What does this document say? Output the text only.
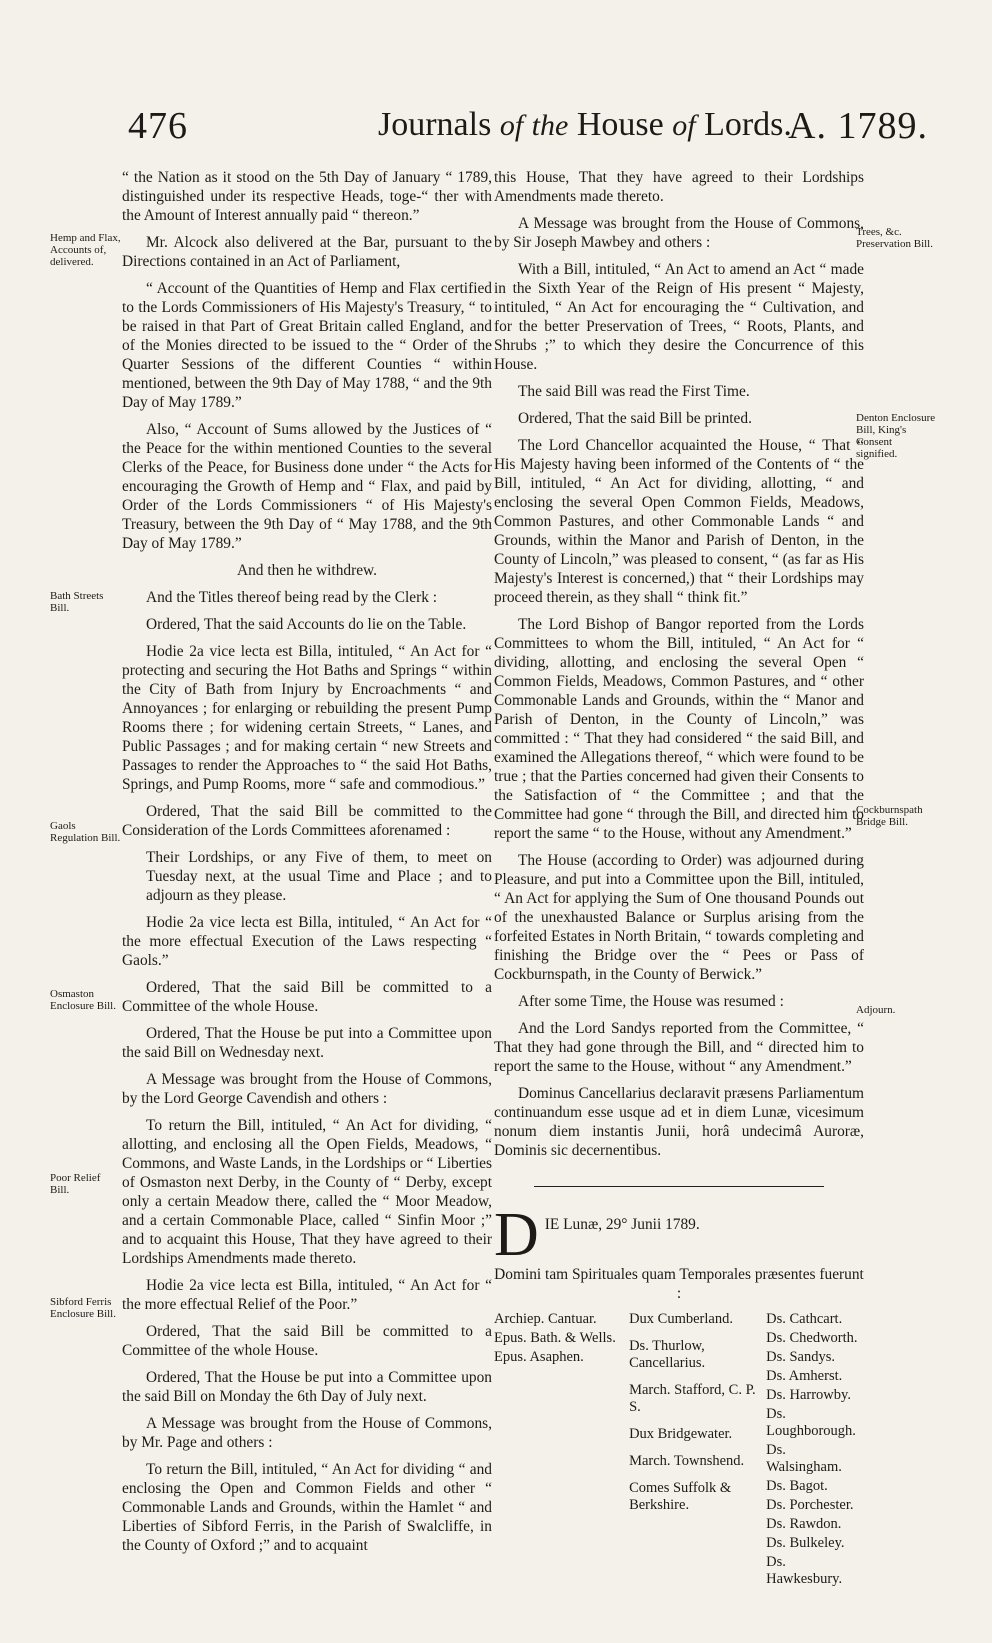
476	Journals of the House of Lords.
A. 1789.
Hemp and Flax, Accounts of, delivered.
Bath Streets Bill.
Gaols Regulation Bill.
Osmaston Enclosure Bill.
Poor Relief Bill.
Sibford Ferris Enclosure Bill.
Trees, &c. Preservation Bill.
Denton Enclosure Bill, King's Consent signified.
Cockburnspath Bridge Bill.
Adjourn.

“ the Nation as it stood on the 5th Day of January “ 1789, distinguished under its respective Heads, toge-“ ther with the Amount of Interest annually paid “ thereon.”

Mr. Alcock also delivered at the Bar, pursuant to the Directions contained in an Act of Parliament,

“ Account of the Quantities of Hemp and Flax certified to the Lords Commissioners of His Majesty's Treasury, “ to be raised in that Part of Great Britain called England, and of the Monies directed to be issued to the “ Order of the Quarter Sessions of the different Counties “ within mentioned, between the 9th Day of May 1788, “ and the 9th Day of May 1789.”

Also, “ Account of Sums allowed by the Justices of “ the Peace for the within mentioned Counties to the several Clerks of the Peace, for Business done under “ the Acts for encouraging the Growth of Hemp and “ Flax, and paid by Order of the Lords Commissioners “ of His Majesty's Treasury, between the 9th Day of “ May 1788, and the 9th Day of May 1789.”

And then he withdrew.

And the Titles thereof being read by the Clerk :

Ordered, That the said Accounts do lie on the Table.

Hodie 2a vice lecta est Billa, intituled, “ An Act for “ protecting and securing the Hot Baths and Springs “ within the City of Bath from Injury by Encroachments “ and Annoyances ; for enlarging or rebuilding the present Pump Rooms there ; for widening certain Streets, “ Lanes, and Public Passages ; and for making certain “ new Streets and Passages to render the Approaches to “ the said Hot Baths, Springs, and Pump Rooms, more “ safe and commodious.”

Ordered, That the said Bill be committed to the Consideration of the Lords Committees aforenamed :

Their Lordships, or any Five of them, to meet on Tuesday next, at the usual Time and Place ; and to adjourn as they please.

Hodie 2a vice lecta est Billa, intituled, “ An Act for “ the more effectual Execution of the Laws respecting “ Gaols.”

Ordered, That the said Bill be committed to a Committee of the whole House.

Ordered, That the House be put into a Committee upon the said Bill on Wednesday next.

A Message was brought from the House of Commons, by the Lord George Cavendish and others :

To return the Bill, intituled, “ An Act for dividing, “ allotting, and enclosing all the Open Fields, Meadows, “ Commons, and Waste Lands, in the Lordships or “ Liberties of Osmaston next Derby, in the County of “ Derby, except only a certain Meadow there, called the “ Moor Meadow, and a certain Commonable Place, called “ Sinfin Moor ;” and to acquaint this House, That they have agreed to their Lordships Amendments made thereto.

Hodie 2a vice lecta est Billa, intituled, “ An Act for “ the more effectual Relief of the Poor.”

Ordered, That the said Bill be committed to a Committee of the whole House.

Ordered, That the House be put into a Committee upon the said Bill on Monday the 6th Day of July next.

A Message was brought from the House of Commons, by Mr. Page and others :

To return the Bill, intituled, “ An Act for dividing “ and enclosing the Open and Common Fields and other “ Commonable Lands and Grounds, within the Hamlet “ and Liberties of Sibford Ferris, in the Parish of Swalcliffe, in the County of Oxford ;” and to acquaint

this House, That they have agreed to their Lordships Amendments made thereto.

A Message was brought from the House of Commons, by Sir Joseph Mawbey and others :

With a Bill, intituled, “ An Act to amend an Act “ made in the Sixth Year of the Reign of His present “ Majesty, intituled, “ An Act for encouraging the “ Cultivation, and for the better Preservation of Trees, “ Roots, Plants, and Shrubs ;” to which they desire the Concurrence of this House.

The said Bill was read the First Time.

Ordered, That the said Bill be printed.

The Lord Chancellor acquainted the House, “ That “ His Majesty having been informed of the Contents of “ the Bill, intituled, “ An Act for dividing, allotting, “ and enclosing the several Open Common Fields, Meadows, Common Pastures, and other Commonable Lands “ and Grounds, within the Manor and Parish of Denton, in the County of Lincoln,” was pleased to consent, “ (as far as His Majesty's Interest is concerned,) that “ their Lordships may proceed therein, as they shall “ think fit.”

The Lord Bishop of Bangor reported from the Lords Committees to whom the Bill, intituled, “ An Act for “ dividing, allotting, and enclosing the several Open “ Common Fields, Meadows, Common Pastures, and “ other Commonable Lands and Grounds, within the “ Manor and Parish of Denton, in the County of Lincoln,” was committed : “ That they had considered “ the said Bill, and examined the Allegations thereof, “ which were found to be true ; that the Parties concerned had given their Consents to the Satisfaction of “ the Committee ; and that the Committee had gone “ through the Bill, and directed him to report the same “ to the House, without any Amendment.”

The House (according to Order) was adjourned during Pleasure, and put into a Committee upon the Bill, intituled, “ An Act for applying the Sum of One thousand Pounds out of the unexhausted Balance or Surplus arising from the forfeited Estates in North Britain, “ towards completing and finishing the Bridge over the “ Pees or Pass of Cockburnspath, in the County of Berwick.”

After some Time, the House was resumed :

And the Lord Sandys reported from the Committee, “ That they had gone through the Bill, and “ directed him to report the same to the House, without “ any Amendment.”

Dominus Cancellarius declaravit præsens Parliamentum continuandum esse usque ad et in diem Lunæ, vicesimum nonum diem instantis Junii, horâ undecimâ Auroræ, Dominis sic decernentibus.

D IE Lunæ, 29° Junii 1789.

Domini tam Spirituales quam Temporales præsentes fuerunt :

Archiep. Cantuar.
Epus. Bath. & Wells.
Epus. Asaphen.
Dux Cumberland.
Ds. Thurlow, Cancellarius.
March. Stafford, C. P. S.
Dux Bridgewater.
March. Townshend.
Comes Suffolk & Berkshire.
Ds. Cathcart.
Ds. Chedworth.
Ds. Sandys.
Ds. Amherst.
Ds. Harrowby.
Ds. Loughborough.
Ds. Walsingham.
Ds. Bagot.
Ds. Porchester.
Ds. Rawdon.
Ds. Bulkeley.
Ds. Hawkesbury.
